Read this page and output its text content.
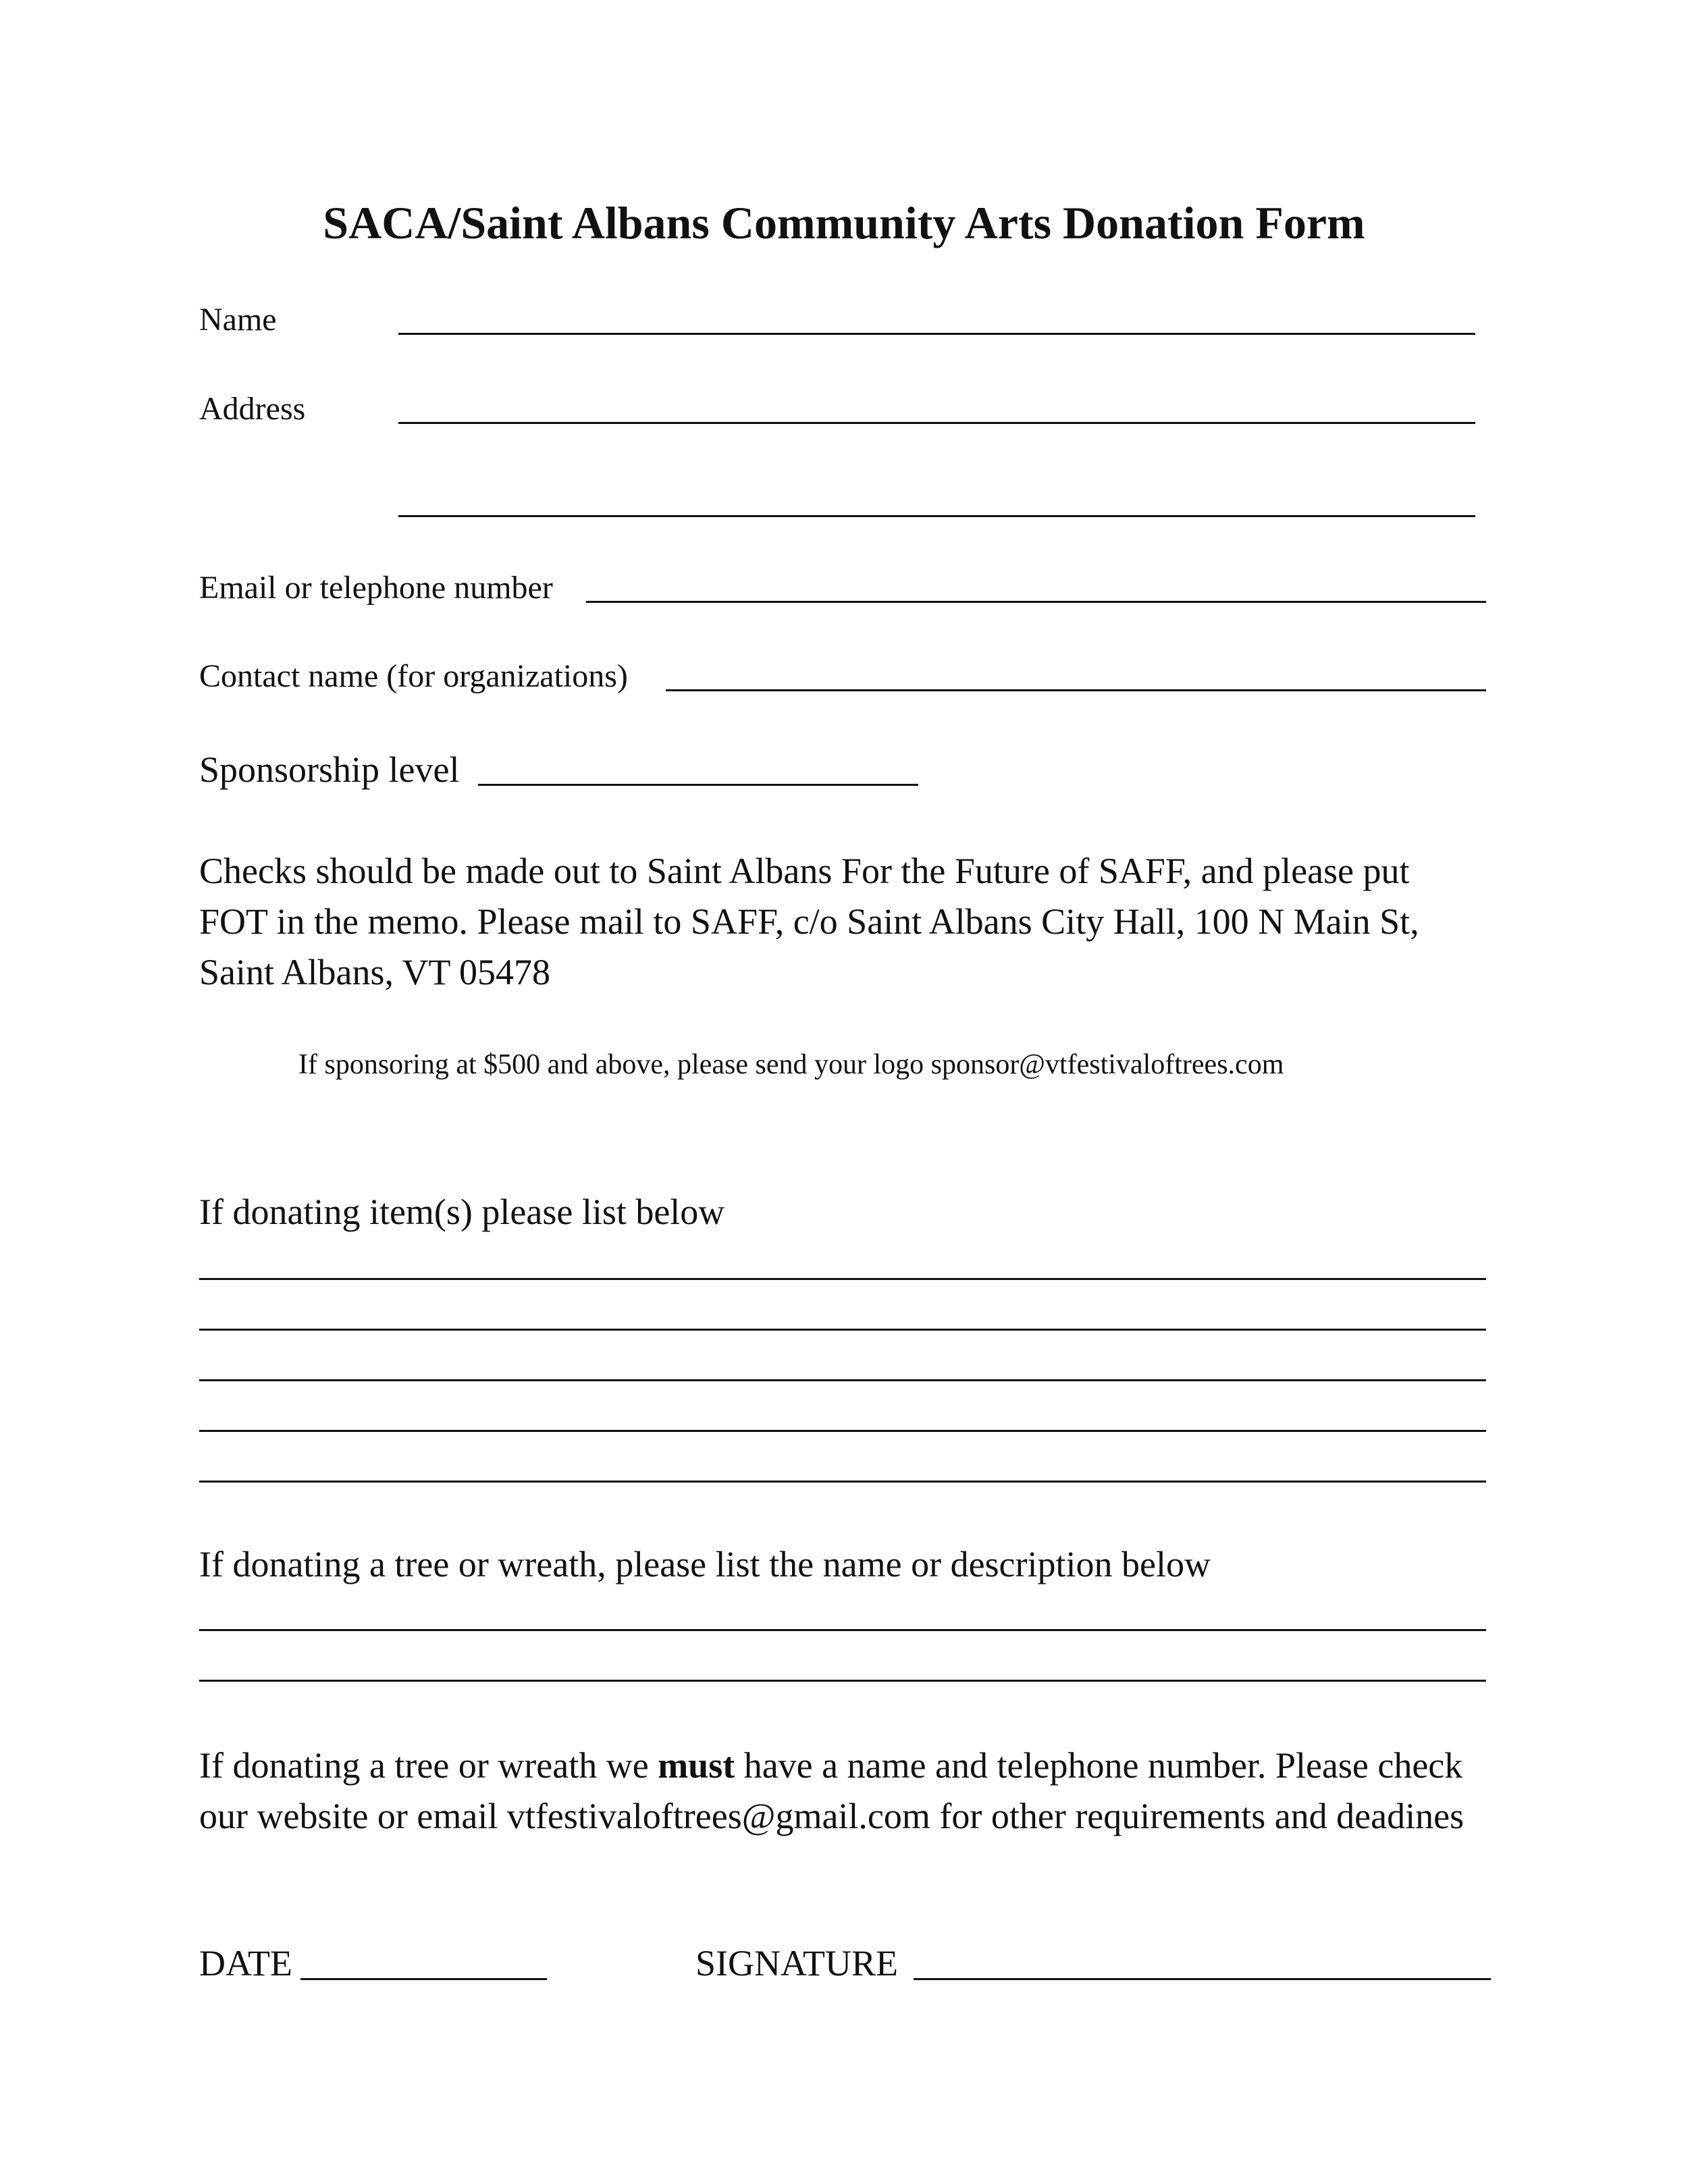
SACA/Saint Albans Community Arts Donation Form
Name
Address
Email or telephone number
Contact name (for organizations)
Sponsorship level
Checks should be made out to Saint Albans For the Future of SAFF, and please put FOT in the memo. Please mail to SAFF, c/o Saint Albans City Hall, 100 N Main St, Saint Albans, VT 05478
If sponsoring at $500 and above, please send your logo sponsor@vtfestivaloftrees.com
If donating item(s) please list below
If donating a tree or wreath, please list the name or description below
If donating a tree or wreath we must have a name and telephone number. Please check our website or email vtfestivaloftrees@gmail.com for other requirements and deadines
DATE	SIGNATURE
